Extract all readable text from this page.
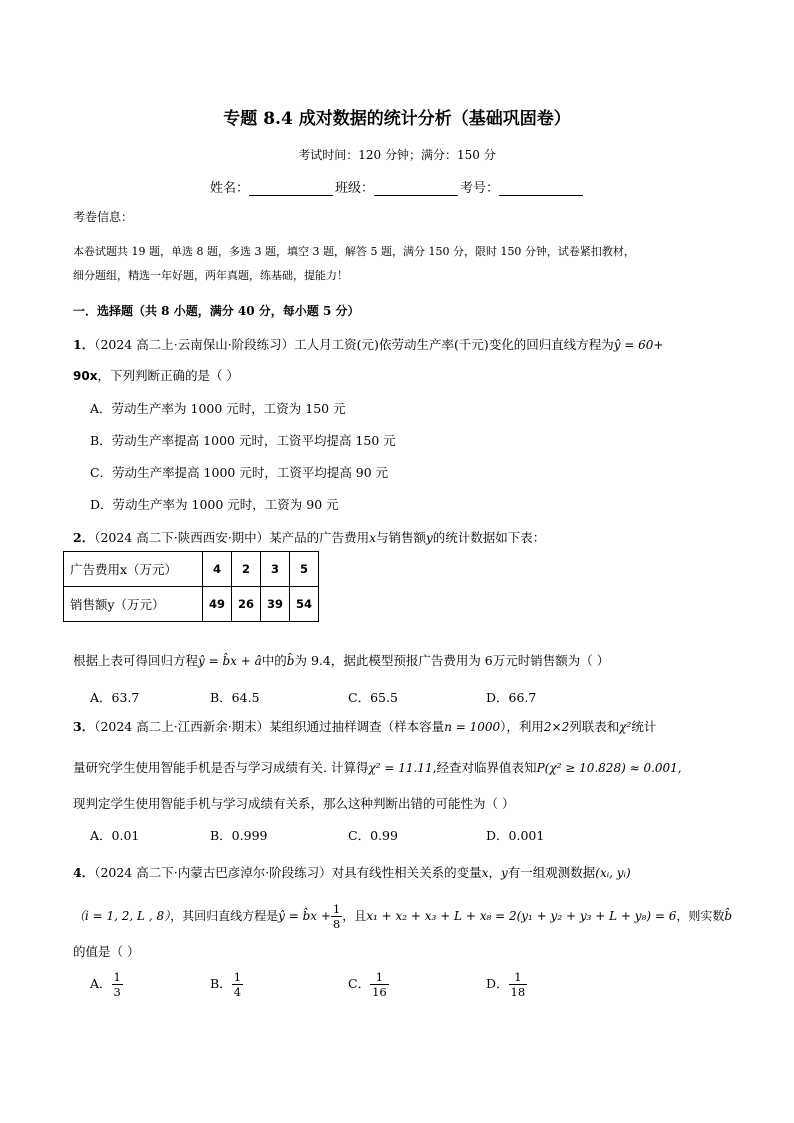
专题 8.4 成对数据的统计分析（基础巩固卷）
考试时间：120 分钟；满分：150 分
姓名：	班级：	考号：
考卷信息：
本卷试题共 19 题，单选 8 题，多选 3 题，填空 3 题，解答 5 题，满分 150 分，限时 150 分钟，试卷紧扣教材，
细分题组，精选一年好题，两年真题，练基础，提能力！
一．选择题（共 8 小题，满分 40 分，每小题 5 分）
1．（2024 高二上·云南保山·阶段练习）工人月工资(元)依劳动生产率(千元)变化的回归直线方程为ŷ = 60+
90x，下列判断正确的是（ ）
A．劳动生产率为 1000 元时，工资为 150 元
B．劳动生产率提高 1000 元时，工资平均提高 150 元
C．劳动生产率提高 1000 元时，工资平均提高 90 元
D．劳动生产率为 1000 元时，工资为 90 元
2．（2024 高二下·陕西西安·期中）某产品的广告费用x与销售额y的统计数据如下表：
广告费用x（万元）	4	2	3	5
销售额y（万元）	49	26	39	54
根据上表可得回归方程ŷ = b̂x + â中的b̂为 9.4，据此模型预报广告费用为 6万元时销售额为（ ）
A．63.7	B．64.5	C．65.5	D．66.7
3．（2024 高二上·江西新余·期末）某组织通过抽样调查（样本容量n = 1000），利用2×2列联表和χ²统计
量研究学生使用智能手机是否与学习成绩有关. 计算得χ² = 11.11,经查对临界值表知P(χ² ≥ 10.828) ≈ 0.001,
现判定学生使用智能手机与学习成绩有关系，那么这种判断出错的可能性为（ ）
A．0.01	B．0.999	C．0.99	D．0.001
4．（2024 高二下·内蒙古巴彦淖尔·阶段练习）对具有线性相关关系的变量x，y有一组观测数据(xᵢ, yᵢ)
（i = 1, 2, L , 8），其回归直线方程是ŷ = b̂x + $\frac{1}{8}$ ，且x₁ + x₂ + x₃ + L + x₈ = 2(y₁ + y₂ + y₃ + L + y₈) = 6，则实数b̂
的值是（ ）
A． $\frac{1}{3}$	B． $\frac{1}{4}$	C． $\frac{1}{16}$	D． $\frac{1}{18}$
